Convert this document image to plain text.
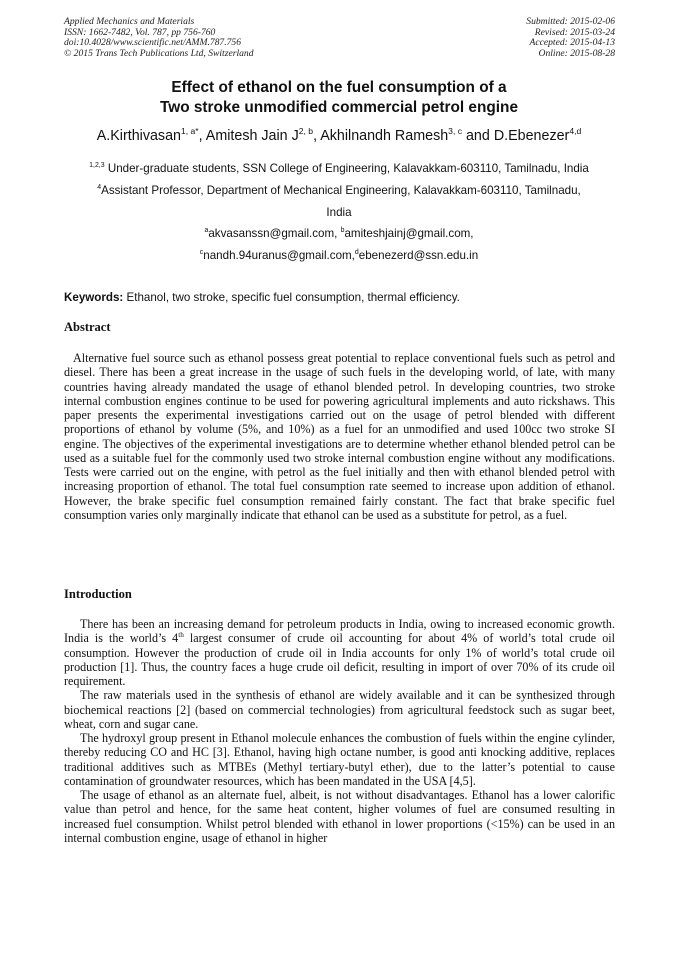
Applied Mechanics and Materials
ISSN: 1662-7482, Vol. 787, pp 756-760
doi:10.4028/www.scientific.net/AMM.787.756
© 2015 Trans Tech Publications Ltd, Switzerland
Submitted: 2015-02-06
Revised: 2015-03-24
Accepted: 2015-04-13
Online: 2015-08-28
Effect of ethanol on the fuel consumption of a
Two stroke unmodified commercial petrol engine
A.Kirthivasan$^{1, a*}$, Amitesh Jain J$^{2, b}$, Akhilnandh Ramesh$^{3, c}$ and D.Ebenezer$^{4,d}$
$^{1,2,3}$ Under-graduate students, SSN College of Engineering, Kalavakkam-603110, Tamilnadu, India
$^4$Assistant Professor, Department of Mechanical Engineering, Kalavakkam-603110, Tamilnadu,
India
$^a$akvasanssn@gmail.com, $^b$amiteshjainj@gmail.com,
$^c$nandh.94uranus@gmail.com,$^d$ebenezerd@ssn.edu.in
Keywords: Ethanol, two stroke, specific fuel consumption, thermal efficiency.
Abstract

Alternative fuel source such as ethanol possess great potential to replace conventional fuels such as petrol and diesel. There has been a great increase in the usage of such fuels in the developing world, of late, with many countries having already mandated the usage of ethanol blended petrol. In developing countries, two stroke internal combustion engines continue to be used for powering agricultural implements and auto rickshaws. This paper presents the experimental investigations carried out on the usage of petrol blended with different proportions of ethanol by volume (5%, and 10%) as a fuel for an unmodified and used 100cc two stroke SI engine. The objectives of the experimental investigations are to determine whether ethanol blended petrol can be used as a suitable fuel for the commonly used two stroke internal combustion engine without any modifications. Tests were carried out on the engine, with petrol as the fuel initially and then with ethanol blended petrol with increasing proportion of ethanol. The total fuel consumption rate seemed to increase upon addition of ethanol. However, the brake specific fuel consumption remained fairly constant. The fact that brake specific fuel consumption varies only marginally indicate that ethanol can be used as a substitute for petrol, as a fuel.

Introduction

There has been an increasing demand for petroleum products in India, owing to increased economic growth. India is the world’s 4th largest consumer of crude oil accounting for about 4% of world’s total crude oil consumption. However the production of crude oil in India accounts for only 1% of world’s total crude oil production [1]. Thus, the country faces a huge crude oil deficit, resulting in import of over 70% of its crude oil requirement.

The raw materials used in the synthesis of ethanol are widely available and it can be synthesized through biochemical reactions [2] (based on commercial technologies) from agricultural feedstock such as sugar beet, wheat, corn and sugar cane.

The hydroxyl group present in Ethanol molecule enhances the combustion of fuels within the engine cylinder, thereby reducing CO and HC [3]. Ethanol, having high octane number, is good anti knocking additive, replaces traditional additives such as MTBEs (Methyl tertiary-butyl ether), due to the latter’s potential to cause contamination of groundwater resources, which has been mandated in the USA [4,5].

The usage of ethanol as an alternate fuel, albeit, is not without disadvantages. Ethanol has a lower calorific value than petrol and hence, for the same heat content, higher volumes of fuel are consumed resulting in increased fuel consumption. Whilst petrol blended with ethanol in lower proportions (<15%) can be used in an internal combustion engine, usage of ethanol in higher
